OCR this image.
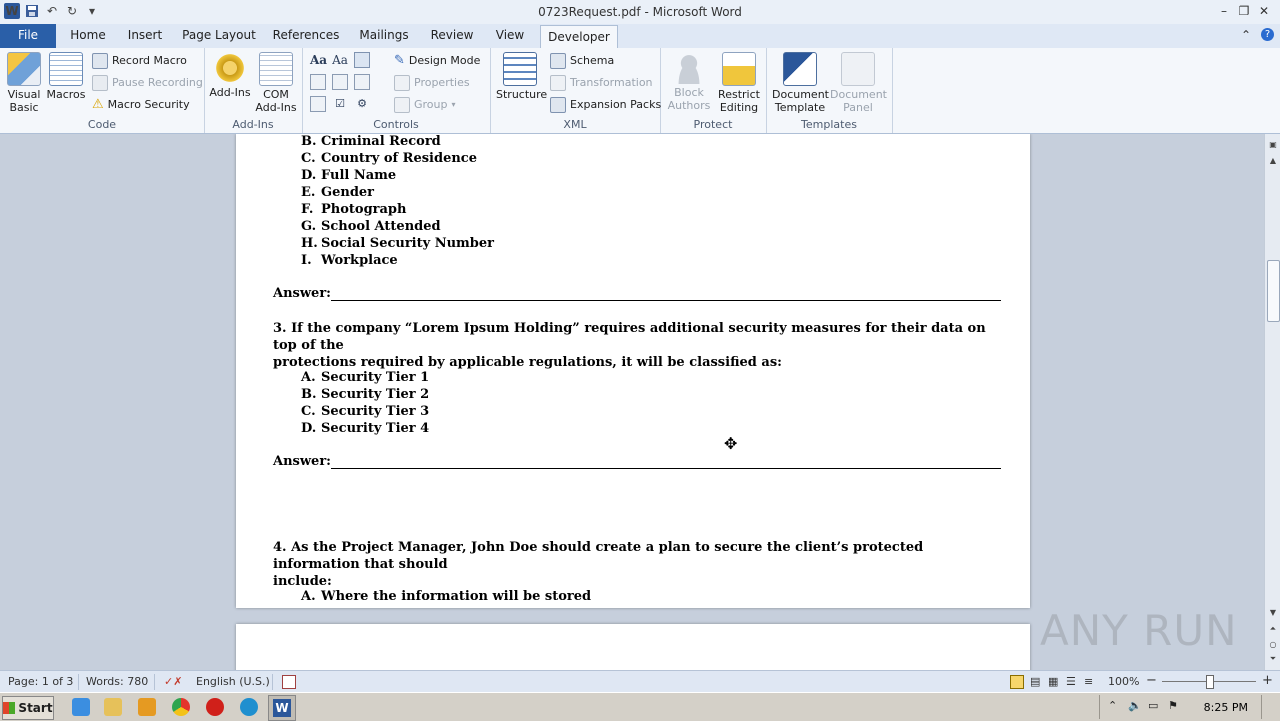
W ↶ ↻ ▾	0723Request.pdf - Microsoft Word	– ❐ ✕
File	Home	Insert	Page Layout References	Mailings	Review	View	Developer	⌃	?
Visual
Basic
Macros
Record Macro
Pause Recording
⚠ Macro Security
Code
Add-Ins	COM
Add-Ins
Add-Ins
Aa Aa
☑ ⚙
✎ Design Mode
Properties
Group ▾
Controls
Structure
Schema
Transformation
Expansion Packs
XML
Block
Authors
Restrict
Editing
Protect
Document
Template
Document
Panel
Templates
B. Criminal Record
C. Country of Residence
D. Full Name
E. Gender
F. Photograph
G. School Attended
H. Social Security Number
I. Workplace
Answer:
3. If the company “Lorem Ipsum Holding” requires additional security measures for their data on top of the
protections required by applicable regulations, it will be classified as:
A. Security Tier 1
B. Security Tier 2
C. Security Tier 3
D. Security Tier 4
Answer:
4. As the Project Manager, John Doe should create a plan to secure the client’s protected information that should
include:
A. Where the information will be stored
✥
▣
▲
▼
⏶
○
⏷
ANY RUN
Page: 1 of 3 Words: 780 ✓✗ English (U.S.)	▤ ▦ ☰ ≡ 100% −	+
Start	W	⌃ 🔈 ▭ ⚑ 8:25 PM
